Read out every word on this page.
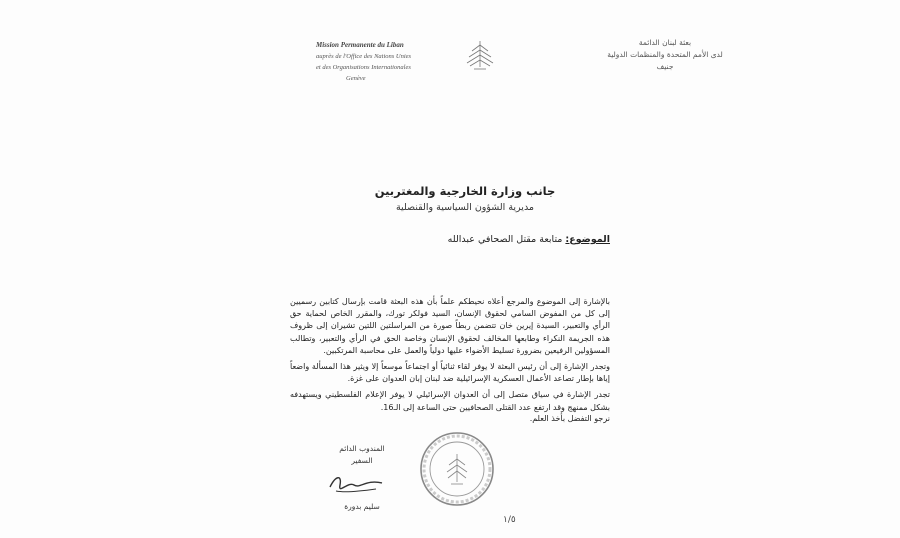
Mission Permanente du Liban
auprès de l'Office des Nations Unies
et des Organisations Internationales
Genève
بعثة لبنان الدائمة
لدى الأمم المتحدة والمنظمات الدولية
جنيف
جانب وزارة الخارجية والمغتربين
مديرية الشؤون السياسية والقنصلية
الموضوع: متابعة مقتل الصحافي عبدالله

بالإشارة إلى الموضوع والمرجع أعلاه نحيطكم علماً بأن هذه البعثة قامت بإرسال كتابين رسميين إلى كل من المفوض السامي لحقوق الإنسان، السيد فولكر تورك، والمقرر الخاص لحماية حق الرأي والتعبير، السيدة إيرين خان تتضمن ربطاً صورة من المراسلتين اللتين تشيران إلى ظروف هذه الجريمة النكراء وطابعها المخالف لحقوق الإنسان وخاصة الحق في الرأي والتعبير، وتطالب المسؤولين الرفيعين بضرورة تسليط الأضواء عليها دولياً والعمل على محاسبة المرتكبين.

وتجدر الإشارة إلى أن رئيس البعثة لا يوفر لقاء ثنائياً أو اجتماعاً موسعاً إلا ويثير هذا المسألة واضعاً إياها بإطار تصاعد الأعمال العسكرية الإسرائيلية ضد لبنان إبان العدوان على غزة.

تجدر الإشارة في سياق متصل إلى أن العدوان الإسرائيلي لا يوفر الإعلام الفلسطيني ويستهدفه بشكل ممنهج وقد ارتفع عدد القتلى الصحافيين حتى الساعة إلى الـ16.

نرجو التفضل بأخذ العلم.
المندوب الدائم
السفير
سليم بدورة
١/٥
